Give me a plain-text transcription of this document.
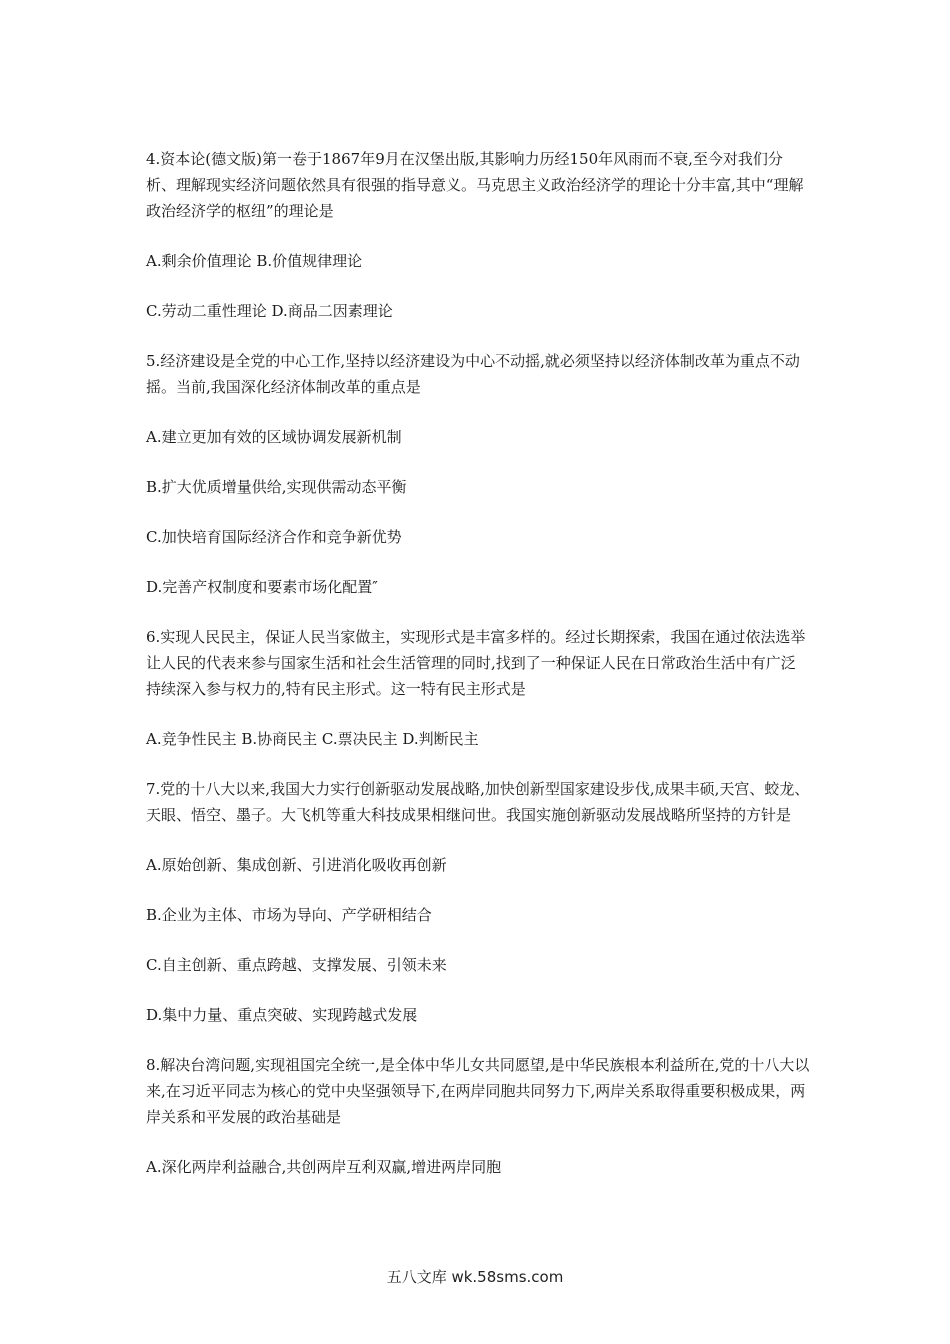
4.资本论(德文版)第一卷于1867年9月在汉堡出版,其影响力历经150年风雨而不衰,至今对我们分析、理解现实经济问题依然具有很强的指导意义。马克思主义政治经济学的理论十分丰富,其中“理解政治经济学的枢纽”的理论是

A.剩余价值理论 B.价值规律理论

C.劳动二重性理论 D.商品二因素理论

5.经济建设是全党的中心工作,坚持以经济建设为中心不动摇,就必须坚持以经济体制改革为重点不动摇。当前,我国深化经济体制改革的重点是

A.建立更加有效的区域协调发展新机制

B.扩大优质增量供给,实现供需动态平衡

C.加快培育国际经济合作和竞争新优势

D.完善产权制度和要素市场化配置″

6.实现人民民主，保证人民当家做主，实现形式是丰富多样的。经过长期探索，我国在通过依法选举让人民的代表来参与国家生活和社会生活管理的同时,找到了一种保证人民在日常政治生活中有广泛持续深入参与权力的,特有民主形式。这一特有民主形式是

A.竞争性民主 B.协商民主 C.票决民主 D.判断民主

7.党的十八大以来,我国大力实行创新驱动发展战略,加快创新型国家建设步伐,成果丰硕,天宫、蛟龙、天眼、悟空、墨子。大飞机等重大科技成果相继问世。我国实施创新驱动发展战略所坚持的方针是

A.原始创新、集成创新、引进消化吸收再创新

B.企业为主体、市场为导向、产学研相结合

C.自主创新、重点跨越、支撑发展、引领未来

D.集中力量、重点突破、实现跨越式发展

8.解决台湾问题,实现祖国完全统一,是全体中华儿女共同愿望,是中华民族根本利益所在,党的十八大以来,在习近平同志为核心的党中央坚强领导下,在两岸同胞共同努力下,两岸关系取得重要积极成果，两岸关系和平发展的政治基础是

A.深化两岸利益融合,共创两岸互利双赢,增进两岸同胞

五八文库 wk.58sms.com
